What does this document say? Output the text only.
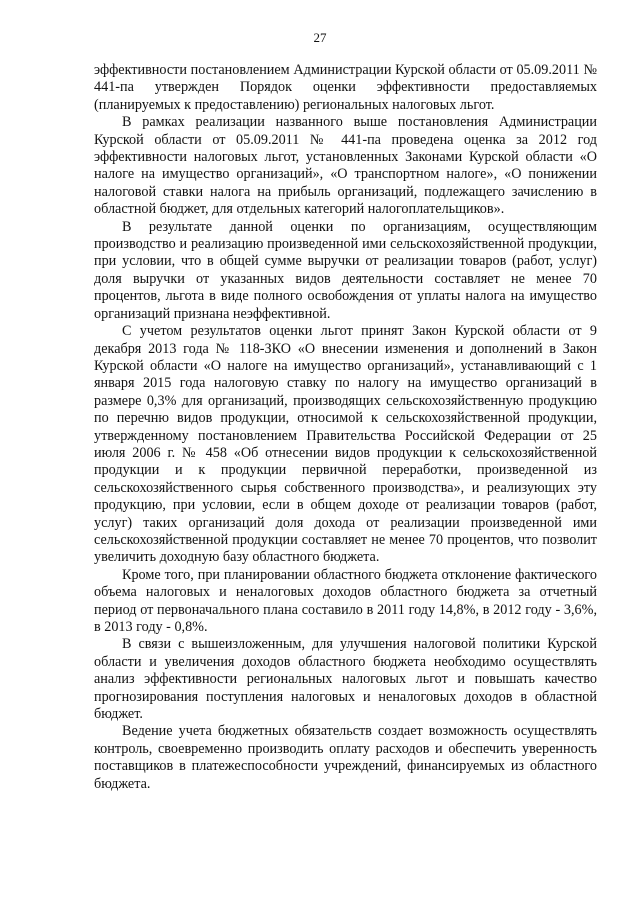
27

эффективности постановлением Администрации Курской области от 05.09.2011 № 441-па утвержден Порядок оценки эффективности предоставляемых (планируемых к предоставлению) региональных налоговых льгот.

В рамках реализации названного выше постановления Администрации Курской области от 05.09.2011 № 441-па проведена оценка за 2012 год эффективности налоговых льгот, установленных Законами Курской области «О налоге на имущество организаций», «О транспортном налоге», «О понижении налоговой ставки налога на прибыль организаций, подлежащего зачислению в областной бюджет, для отдельных категорий налогоплательщиков».

В результате данной оценки по организациям, осуществляющим производство и реализацию произведенной ими сельскохозяйственной продукции, при условии, что в общей сумме выручки от реализации товаров (работ, услуг) доля выручки от указанных видов деятельности составляет не менее 70 процентов, льгота в виде полного освобождения от уплаты налога на имущество организаций признана неэффективной.

С учетом результатов оценки льгот принят Закон Курской области от 9 декабря 2013 года № 118-ЗКО «О внесении изменения и дополнений в Закон Курской области «О налоге на имущество организаций», устанавливающий с 1 января 2015 года налоговую ставку по налогу на имущество организаций в размере 0,3% для организаций, производящих сельскохозяйственную продукцию по перечню видов продукции, относимой к сельскохозяйственной продукции, утвержденному постановлением Правительства Российской Федерации от 25 июля 2006 г. № 458 «Об отнесении видов продукции к сельскохозяйственной продукции и к продукции первичной переработки, произведенной из сельскохозяйственного сырья собственного производства», и реализующих эту продукцию, при условии, если в общем доходе от реализации товаров (работ, услуг) таких организаций доля дохода от реализации произведенной ими сельскохозяйственной продукции составляет не менее 70 процентов, что позволит увеличить доходную базу областного бюджета.

Кроме того, при планировании областного бюджета отклонение фактического объема налоговых и неналоговых доходов областного бюджета за отчетный период от первоначального плана составило в 2011 году 14,8%, в 2012 году - 3,6%, в 2013 году - 0,8%.

В связи с вышеизложенным, для улучшения налоговой политики Курской области и увеличения доходов областного бюджета необходимо осуществлять анализ эффективности региональных налоговых льгот и повышать качество прогнозирования поступления налоговых и неналоговых доходов в областной бюджет.

Ведение учета бюджетных обязательств создает возможность осуществлять контроль, своевременно производить оплату расходов и обеспечить уверенность поставщиков в платежеспособности учреждений, финансируемых из областного бюджета.
